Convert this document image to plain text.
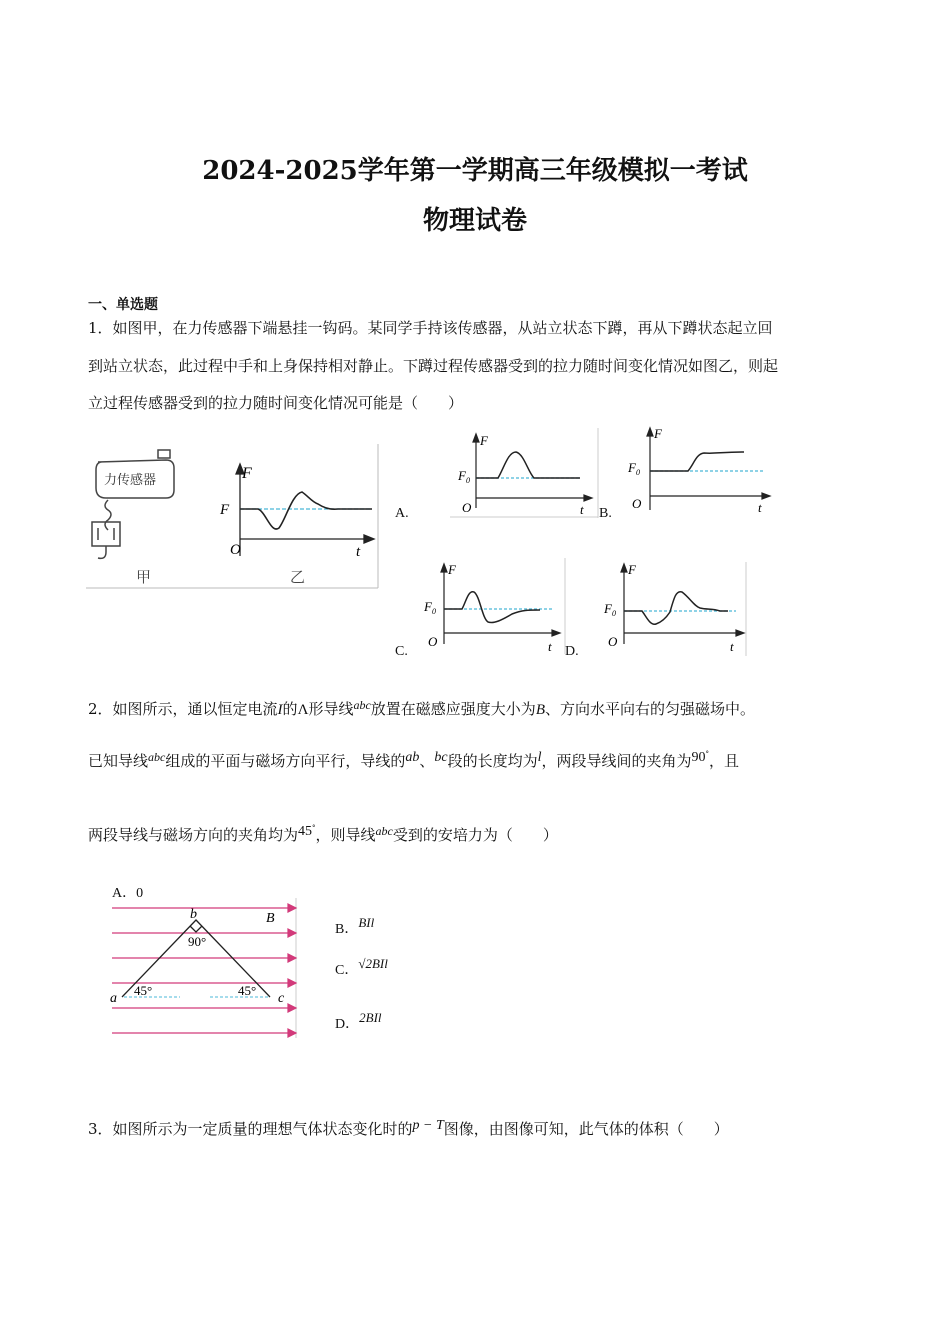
2024-2025学年第一学期高三年级模拟一考试
物理试卷
一、单选题
1．如图甲，在力传感器下端悬挂一钩码。某同学手持该传感器，从站立状态下蹲，再从下蹲状态起立回
到站立状态，此过程中手和上身保持相对静止。下蹲过程传感器受到的拉力随时间变化情况如图乙，则起
立过程传感器受到的拉力随时间变化情况可能是（　　）
力传感器
甲	乙
F
F
O	t
F
$F_0$
O	t
F
$F_0$
O	t
F
$F_0$
O	t
F
$F_0$
O	t
A.	B.
C.	D.
2．如图所示，通以恒定电流I的Λ形导线$^{abc}$放置在磁感应强度大小为B、方向水平向右的匀强磁场中。
已知导线$^{abc}$组成的平面与磁场方向平行，导线的ab、bc段的长度均为l，两段导线间的夹角为90°，且
两段导线与磁场方向的夹角均为45°，则导线$^{abc}$受到的安培力为（　　）
A．0
a
b
c
B
90°
45°	45°
B．BIl
C．√2BIl
D．2BIl
3．如图所示为一定质量的理想气体状态变化时的p − T图像，由图像可知，此气体的体积（　　）
